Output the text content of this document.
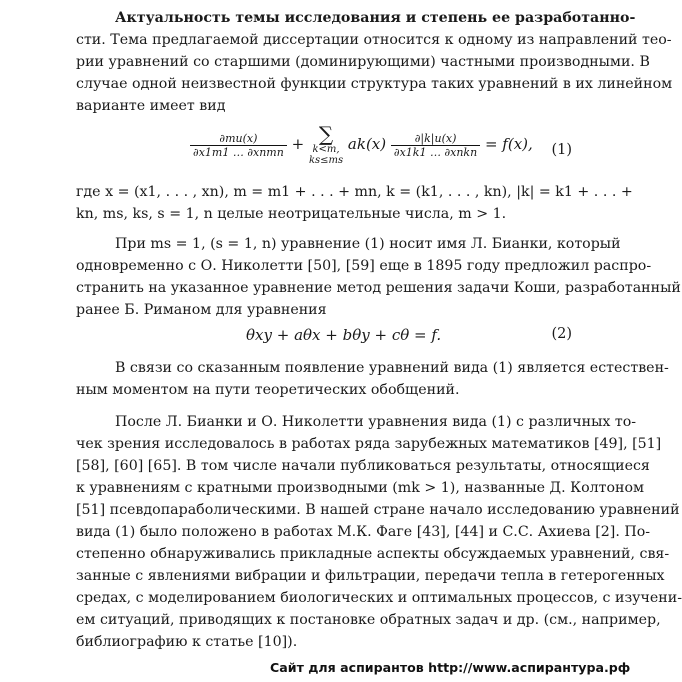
Актуальность темы исследования и степень ее разработанно-
сти. Тема предлагаемой диссертации относится к одному из направлений тео-
рии уравнений со старшими (доминирующими) частными производными. В
случае одной неизвестной функции структура таких уравнений в их линейном
варианте имеет вид
$\frac{\partial mu(x)}{\text{∂x1m1 … ∂xnmn}}$ + ∑
k<m,
ks≤ms
$ak(x) \frac{\partial|k|u(x)}{\text{∂x1k1 … ∂xnkn}} = f(x)$, (1)
где x = (x1, . . . , xn), m = m1 + . . . + mn, k = (k1, . . . , kn), |k| = k1 + . . . +
kn, ms, ks, s = 1, n целые неотрицательные числа, m > 1.
При ms = 1, (s = 1, n) уравнение (1) носит имя Л. Бианки, который
одновременно с О. Николетти [50], [59] еще в 1895 году предложил распро-
странить на указанное уравнение метод решения задачи Коши, разработанный
ранее Б. Риманом для уравнения
θxy + aθx + bθy + cθ = f.	(2)
В связи со сказанным появление уравнений вида (1) является естествен-
ным моментом на пути теоретических обобщений.
После Л. Бианки и О. Николетти уравнения вида (1) с различных то-
чек зрения исследовалось в работах ряда зарубежных математиков [49], [51]
[58], [60] [65]. В том числе начали публиковаться результаты, относящиеся
к уравнениям с кратными производными (mk > 1), названные Д. Колтоном
[51] псевдопараболическими. В нашей стране начало исследованию уравнений
вида (1) было положено в работах М.К. Фаге [43], [44] и С.С. Ахиева [2]. По-
степенно обнаруживались прикладные аспекты обсуждаемых уравнений, свя-
занные с явлениями вибрации и фильтрации, передачи тепла в гетерогенных
средах, с моделированием биологических и оптимальных процессов, с изучени-
ем ситуаций, приводящих к постановке обратных задач и др. (см., например,
библиографию к статье [10]).
Сайт для аспирантов http://www.аспирантура.рф
